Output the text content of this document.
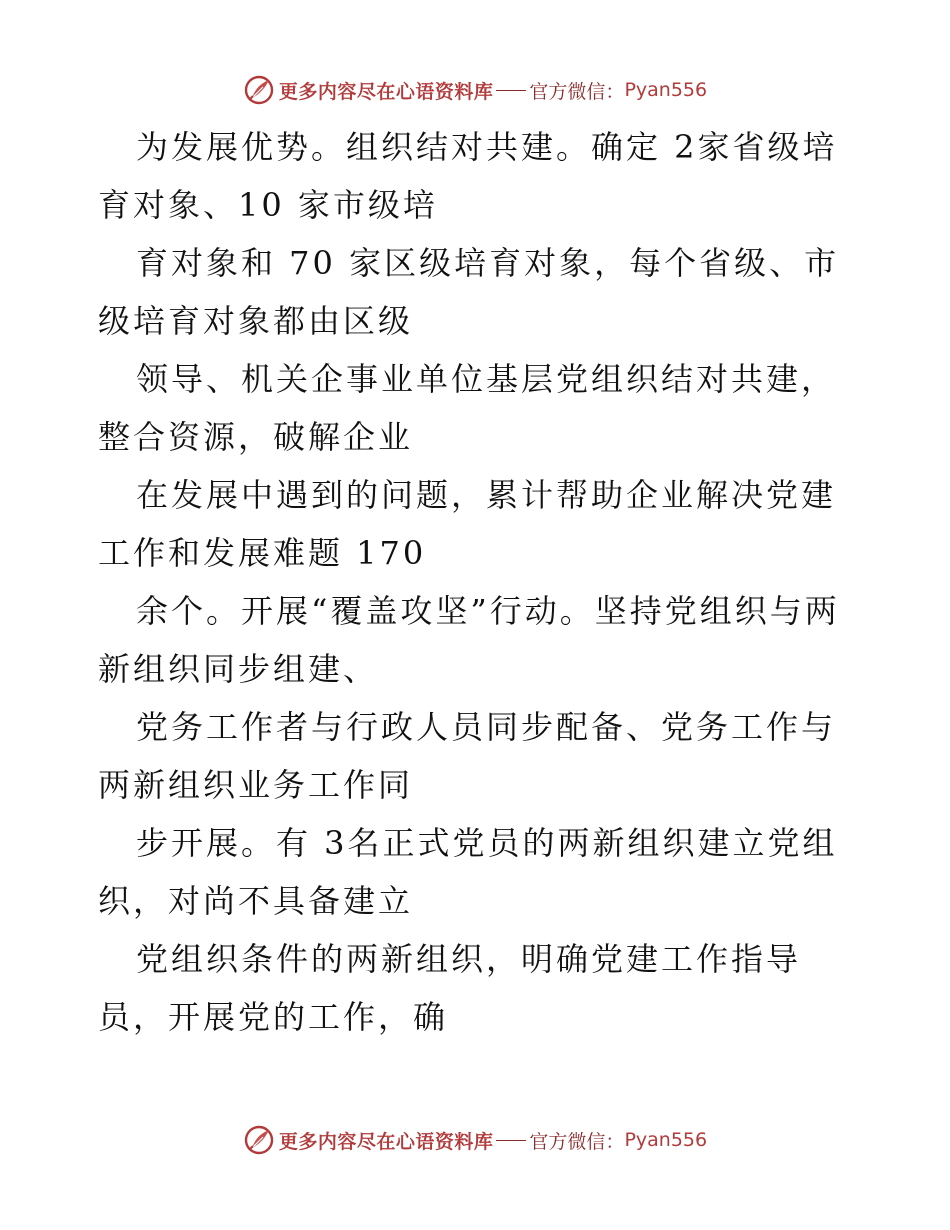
更多内容尽在心语资料库 官方微信： Pyan556

为发展优势。组织结对共建。确定 2家省级培育对象、10 家市级培

育对象和 70 家区级培育对象，每个省级、市级培育对象都由区级

领导、机关企事业单位基层党组织结对共建，整合资源，破解企业

在发展中遇到的问题，累计帮助企业解决党建工作和发展难题 170

余个。开展“覆盖攻坚”行动。坚持党组织与两新组织同步组建、

党务工作者与行政人员同步配备、党务工作与两新组织业务工作同

步开展。有 3名正式党员的两新组织建立党组织，对尚不具备建立

党组织条件的两新组织，明确党建工作指导员，开展党的工作，确

更多内容尽在心语资料库 官方微信： Pyan556
